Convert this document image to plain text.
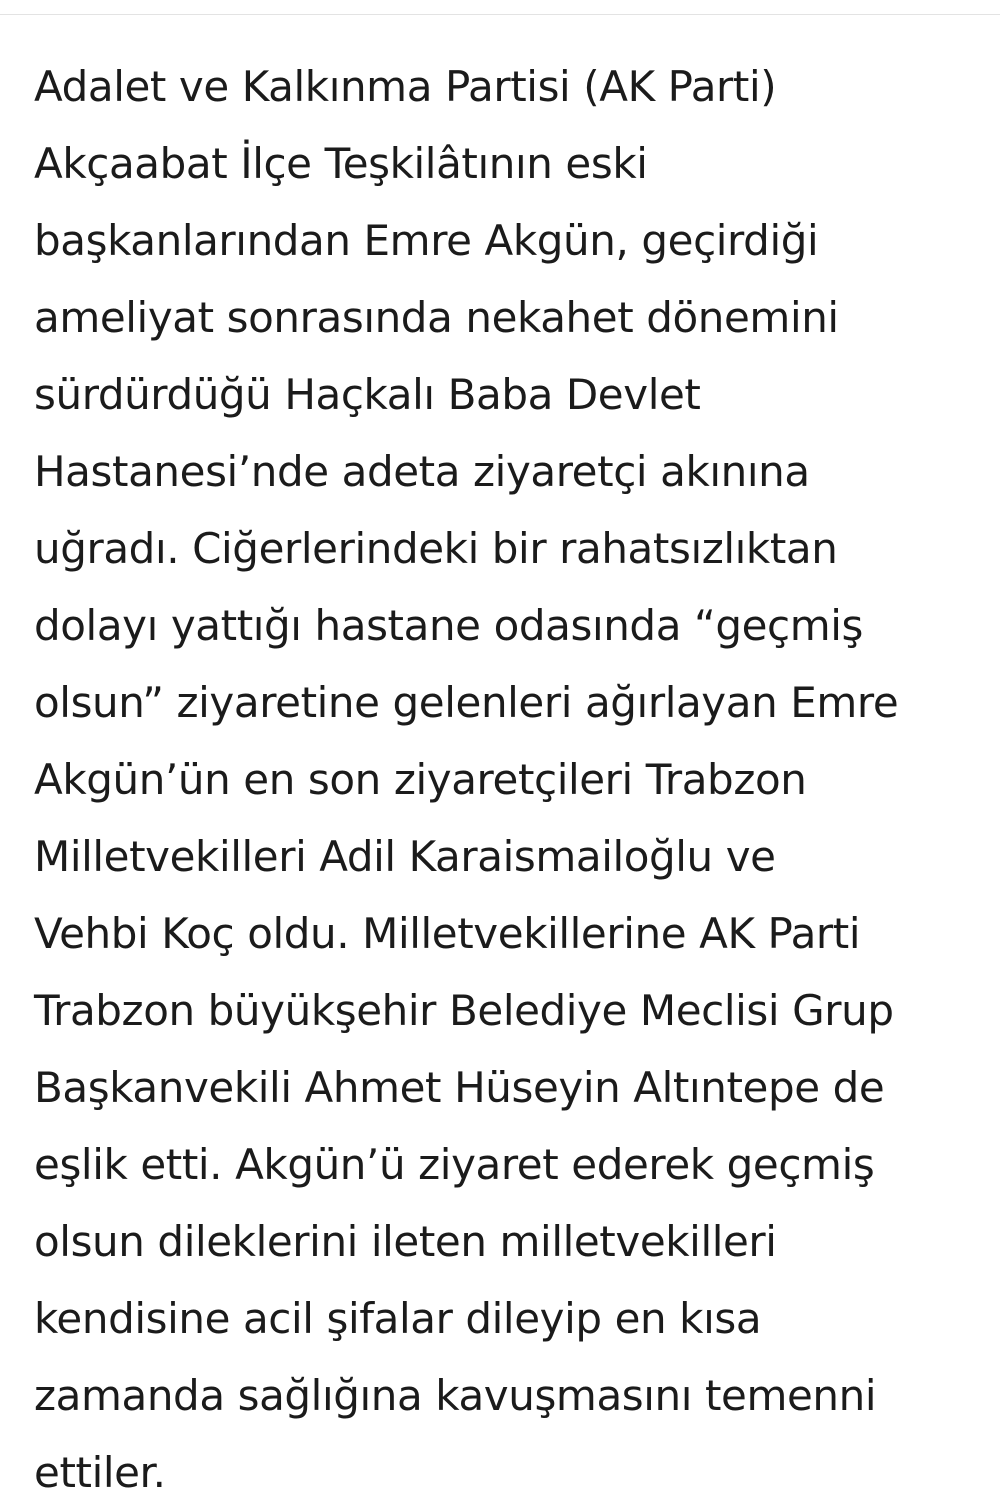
Adalet ve Kalkınma Partisi (AK Parti)
Akçaabat İlçe Teşkilâtının eski
başkanlarından Emre Akgün, geçirdiği
ameliyat sonrasında nekahet dönemini
sürdürdüğü Haçkalı Baba Devlet
Hastanesi’nde adeta ziyaretçi akınına
uğradı. Ciğerlerindeki bir rahatsızlıktan
dolayı yattığı hastane odasında “geçmiş
olsun” ziyaretine gelenleri ağırlayan Emre
Akgün’ün en son ziyaretçileri Trabzon
Milletvekilleri Adil Karaismailoğlu ve
Vehbi Koç oldu. Milletvekillerine AK Parti
Trabzon büyükşehir Belediye Meclisi Grup
Başkanvekili Ahmet Hüseyin Altıntepe de
eşlik etti. Akgün’ü ziyaret ederek geçmiş
olsun dileklerini ileten milletvekilleri
kendisine acil şifalar dileyip en kısa
zamanda sağlığına kavuşmasını temenni
ettiler.
